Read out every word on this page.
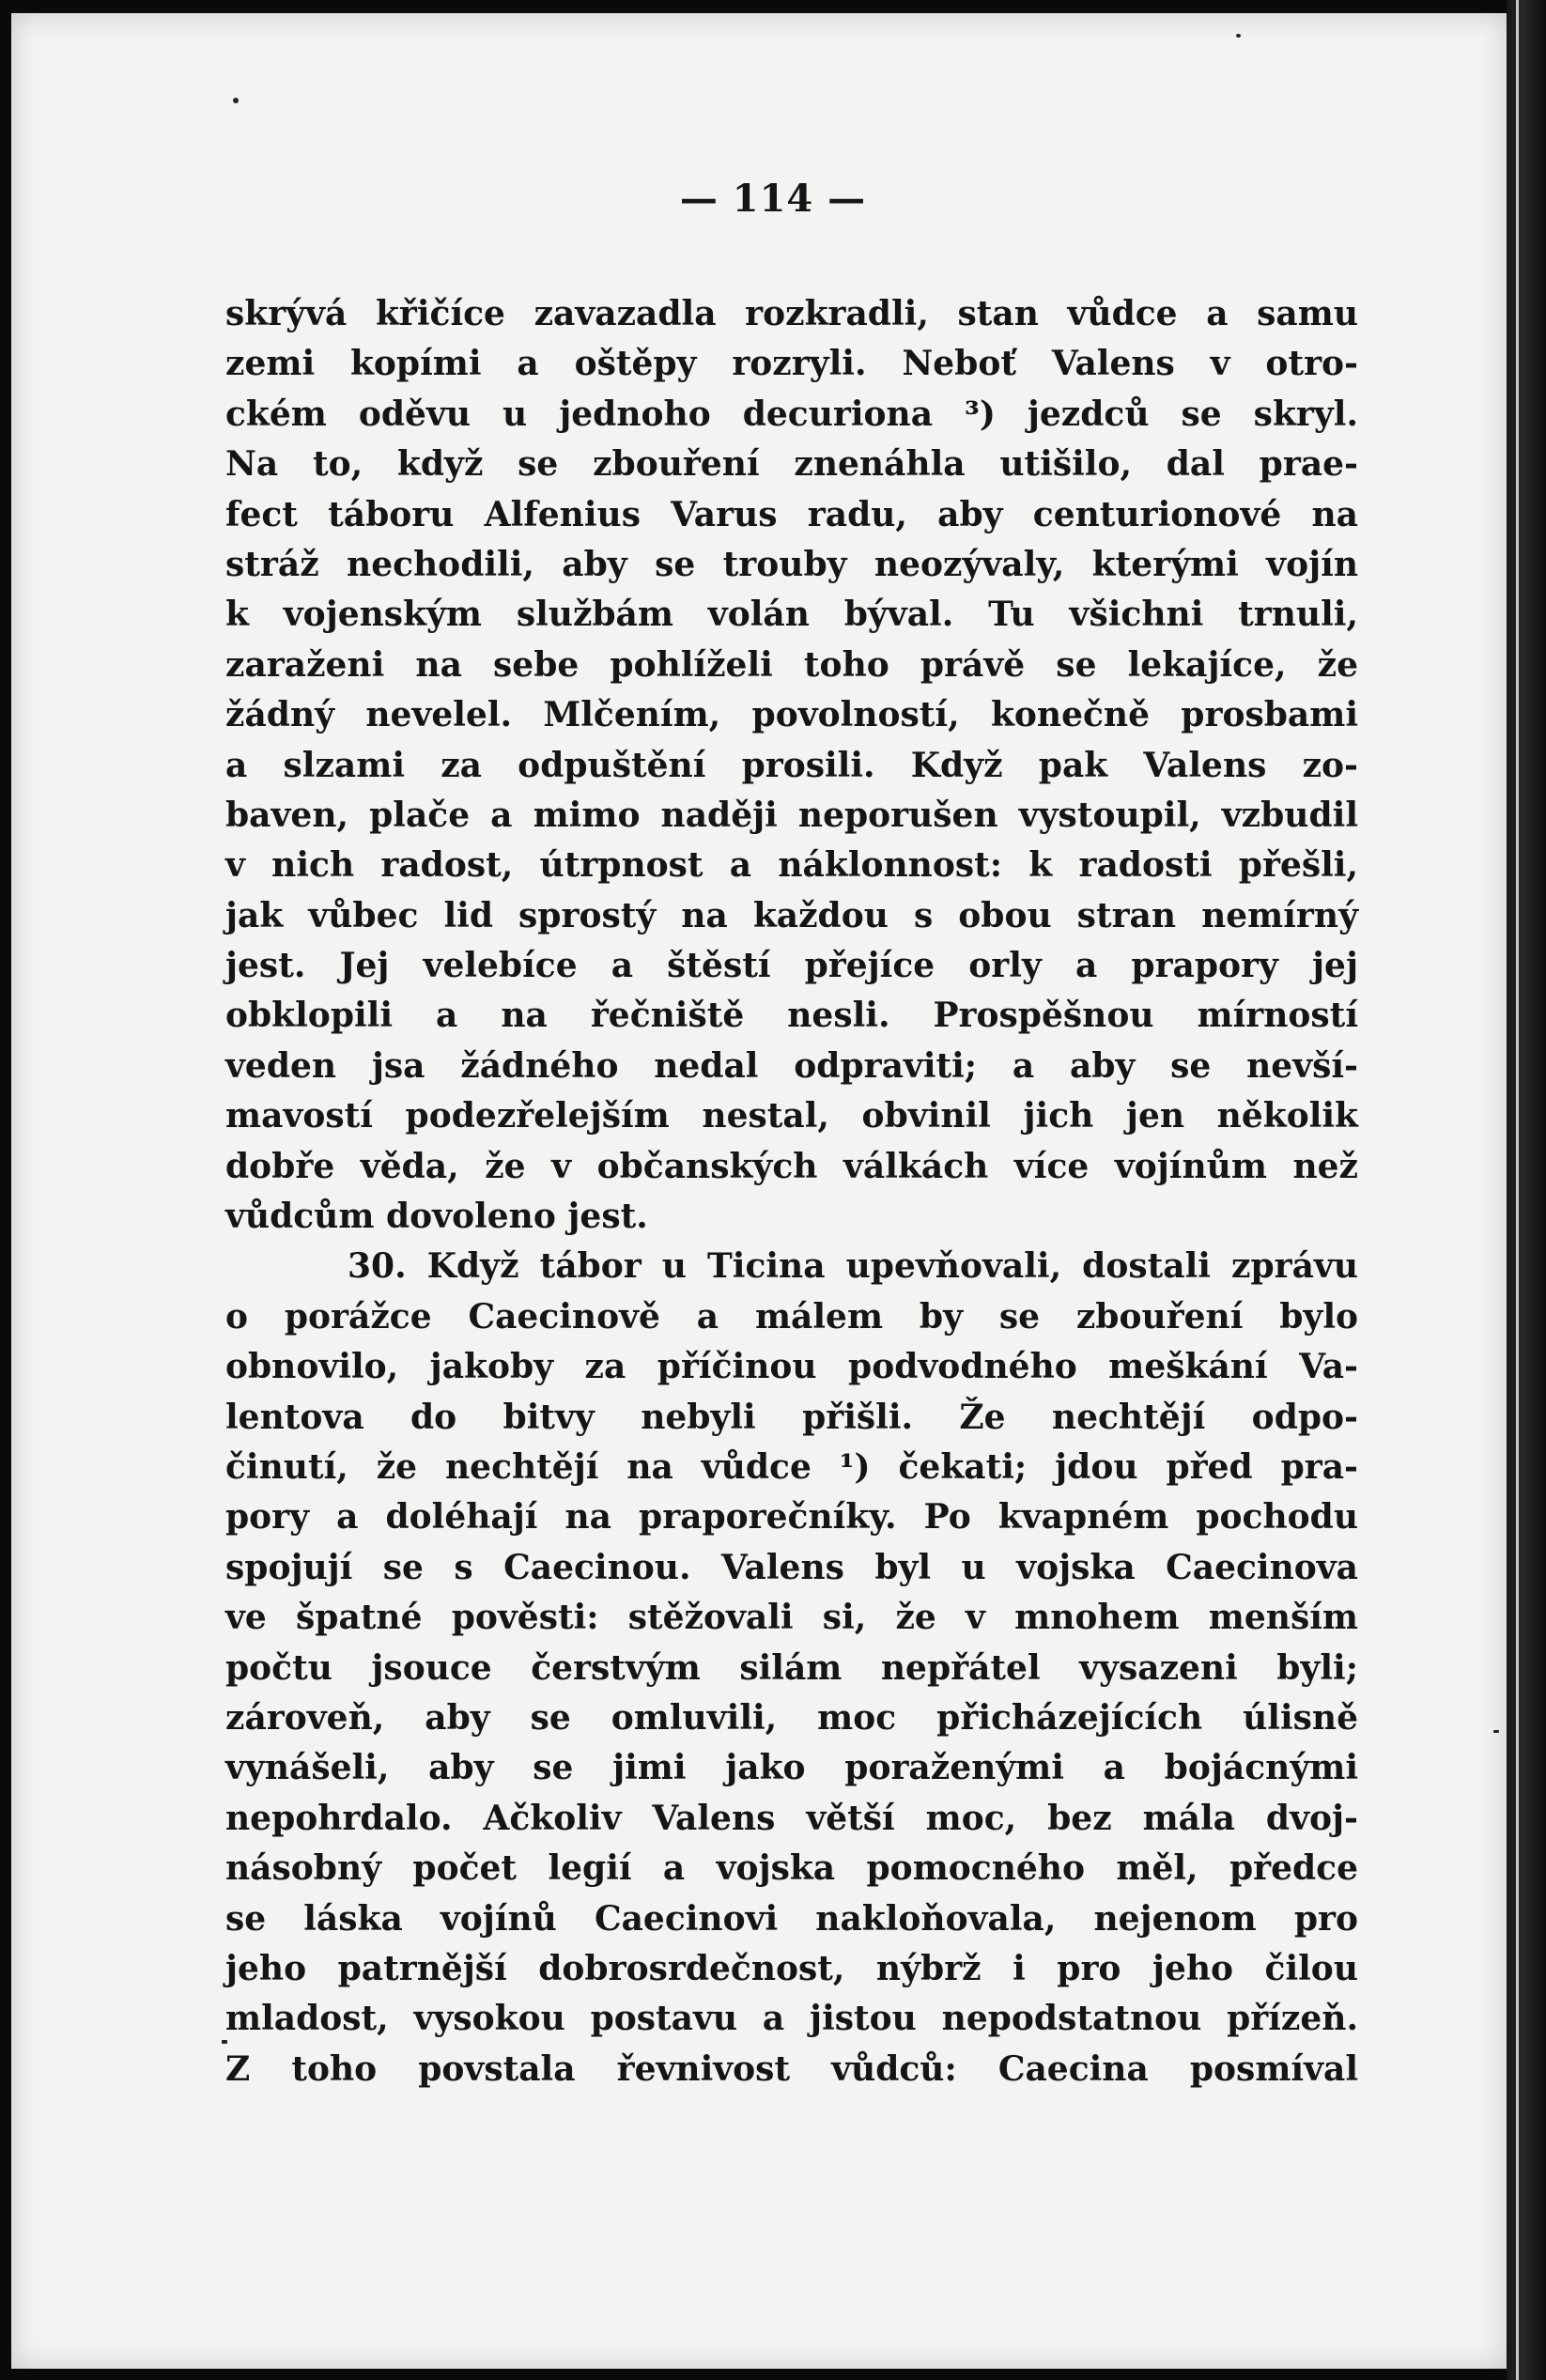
— 114 —
skrývá křičíce zavazadla rozkradli, stan vůdce a samu
zemi kopími a oštěpy rozryli. Neboť Valens v otro-
ckém oděvu u jednoho decuriona ³) jezdců se skryl.
Na to, když se zbouření znenáhla utišilo, dal prae-
fect táboru Alfenius Varus radu, aby centurionové na
stráž nechodili, aby se trouby neozývaly, kterými vojín
k vojenským službám volán býval. Tu všichni trnuli,
zaraženi na sebe pohlíželi toho právě se lekajíce, že
žádný nevelel. Mlčením, povolností, konečně prosbami
a slzami za odpuštění prosili. Když pak Valens zo-
baven, plače a mimo naději neporušen vystoupil, vzbudil
v nich radost, útrpnost a náklonnost: k radosti přešli,
jak vůbec lid sprostý na každou s obou stran nemírný
jest. Jej velebíce a štěstí přejíce orly a prapory jej
obklopili a na řečniště nesli. Prospěšnou mírností
veden jsa žádného nedal odpraviti; a aby se nevší-
mavostí podezřelejším nestal, obvinil jich jen několik
dobře věda, že v občanských válkách více vojínům než
vůdcům dovoleno jest.
30. Když tábor u Ticina upevňovali, dostali zprávu
o porážce Caecinově a málem by se zbouření bylo
obnovilo, jakoby za příčinou podvodného meškání Va-
lentova do bitvy nebyli přišli. Že nechtějí odpo-
činutí, že nechtějí na vůdce ¹) čekati; jdou před pra-
pory a doléhají na praporečníky. Po kvapném pochodu
spojují se s Caecinou. Valens byl u vojska Caecinova
ve špatné pověsti: stěžovali si, že v mnohem menším
počtu jsouce čerstvým silám nepřátel vysazeni byli;
zároveň, aby se omluvili, moc přicházejících úlisně
vynášeli, aby se jimi jako poraženými a bojácnými
nepohrdalo. Ačkoliv Valens větší moc, bez mála dvoj-
násobný počet legií a vojska pomocného měl, předce
se láska vojínů Caecinovi nakloňovala, nejenom pro
jeho patrnější dobrosrdečnost, nýbrž i pro jeho čilou
mladost, vysokou postavu a jistou nepodstatnou přízeň.
Z toho povstala řevnivost vůdců: Caecina posmíval
